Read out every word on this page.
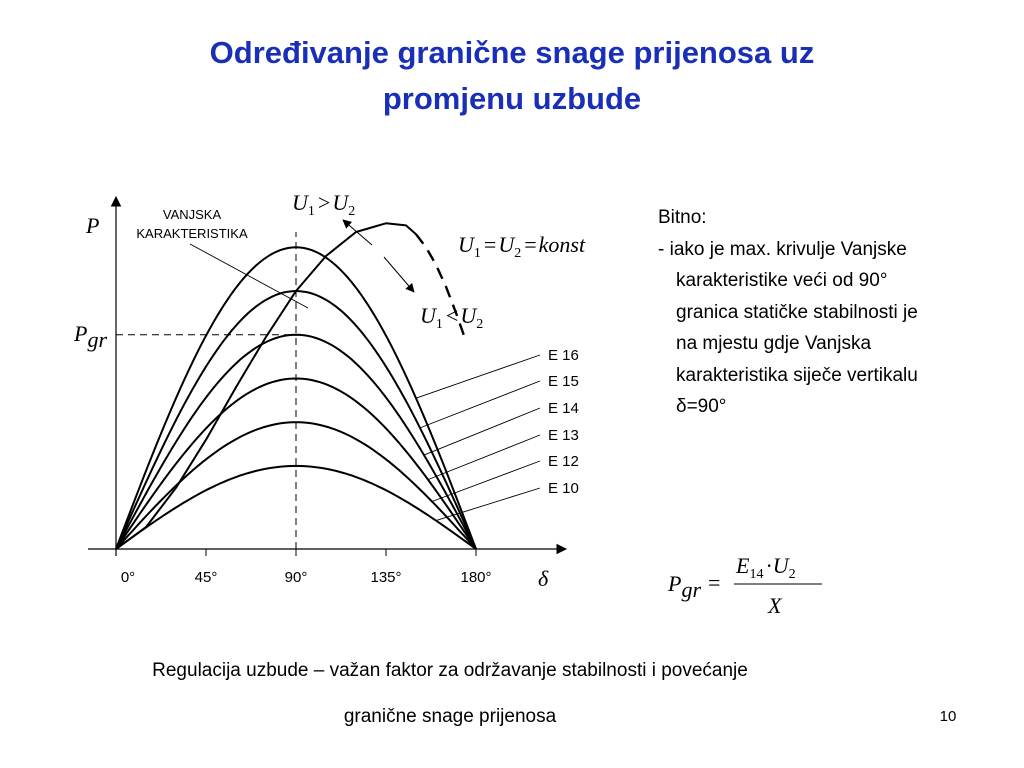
Određivanje granične snage prijenosa uz
promjenu uzbude
E 16
E 15
E 14
E 13
E 12
E 10
0°	45°	90°	135°	180°
P
δ
Pgr
VANJSKA
KARAKTERISTIKA
U1 >U2
U1 =U2 =konst
U1 <U2
Bitno:
- iako je max. krivulje Vanjske
karakteristike veći od 90°
granica statičke stabilnosti je
na mjestu gdje Vanjska
karakteristika siječe vertikalu
δ=90°
Pgr =
E14·U2
X
Regulacija uzbude – važan faktor za održavanje stabilnosti i povećanje
granične snage prijenosa	10
